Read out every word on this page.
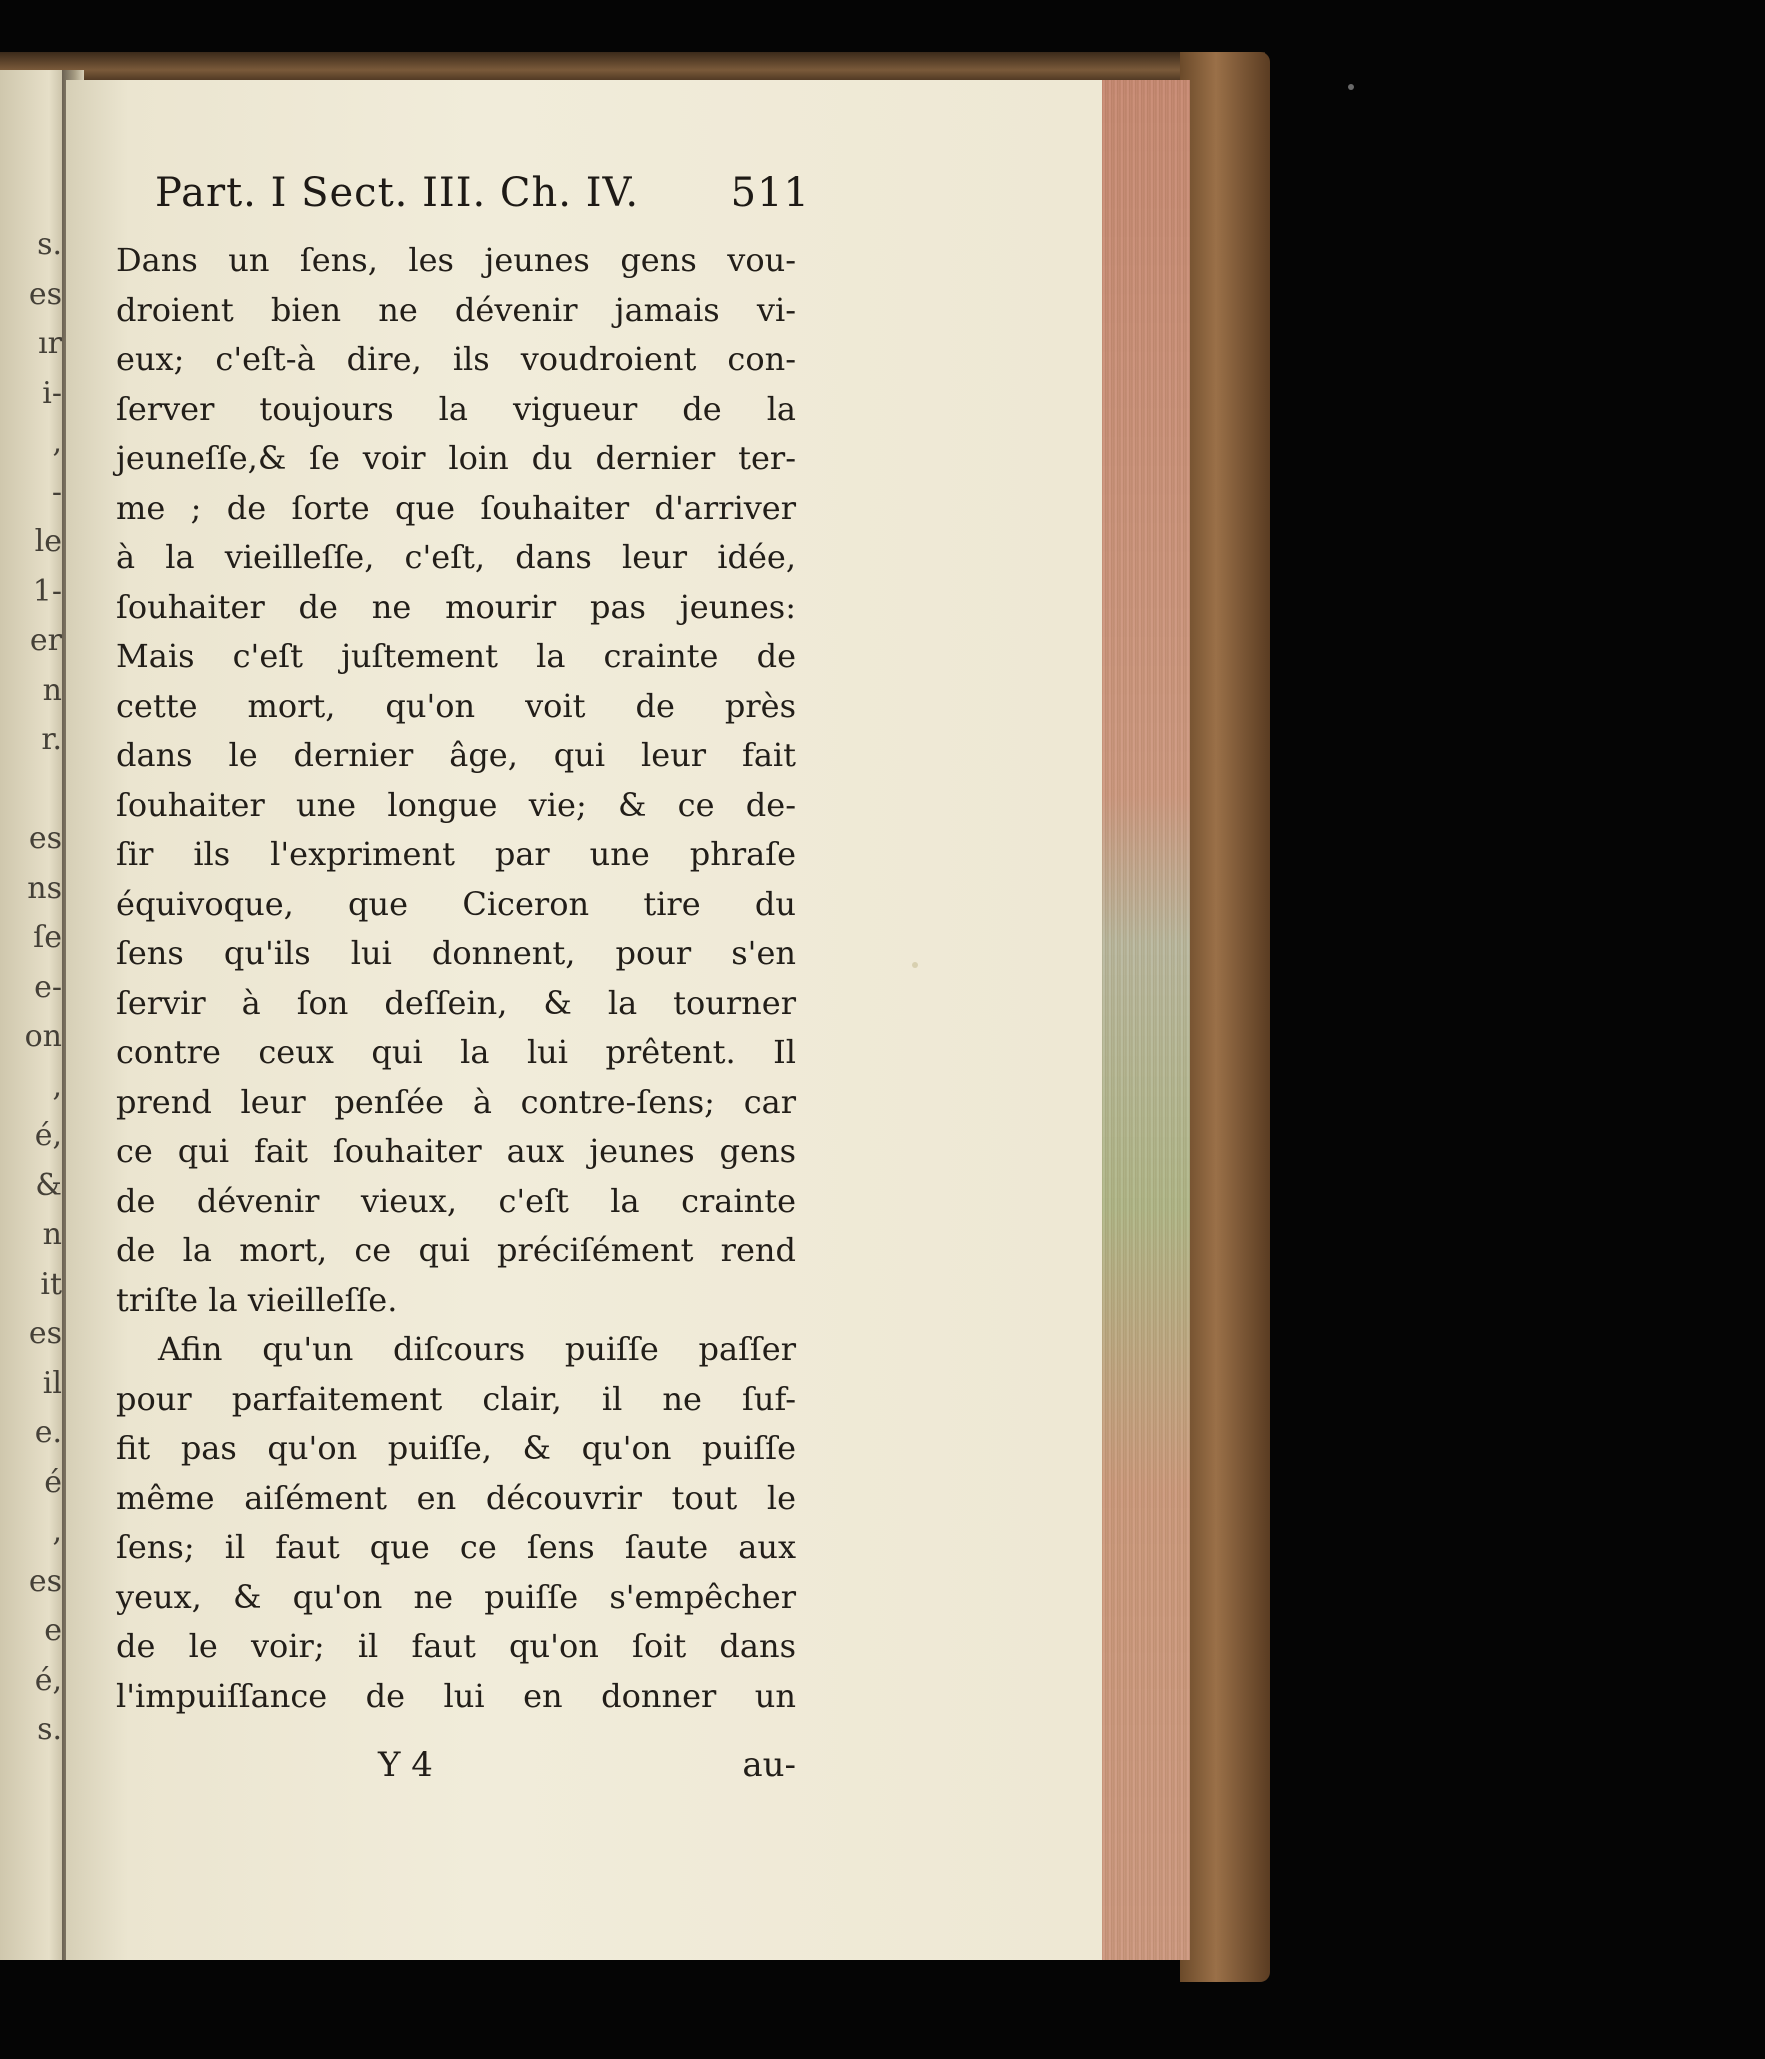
s.
es
ır
i-
,
-
le
1-
er
n
r.
es
ns
ſe
e-
on
,
é,
&
n
it
es
il
e.
é
,
es
e
é,
s.
Part. I Sect. III. Ch. IV. 511
Dans un ſens, les jeunes gens vou-
droient bien ne dévenir jamais vi-
eux; c'eſt-à dire, ils voudroient con-
ſerver toujours la vigueur de la
jeuneſſe,& ſe voir loin du dernier ter-
me ; de ſorte que ſouhaiter d'arriver
à la vieilleſſe, c'eſt, dans leur idée,
ſouhaiter de ne mourir pas jeunes:
Mais c'eſt juſtement la crainte de
cette mort, qu'on voit de près
dans le dernier âge, qui leur fait
ſouhaiter une longue vie; & ce de-
ſir ils l'expriment par une phraſe
équivoque, que Ciceron tire du
ſens qu'ils lui donnent, pour s'en
ſervir à ſon deſſein, & la tourner
contre ceux qui la lui prêtent. Il
prend leur penſée à contre-ſens; car
ce qui fait ſouhaiter aux jeunes gens
de dévenir vieux, c'eſt la crainte
de la mort, ce qui préciſément rend
triſte la vieilleſſe.
Afin qu'un diſcours puiſſe paſſer
pour parfaitement clair, il ne ſuf-
fit pas qu'on puiſſe, & qu'on puiſſe
même aiſément en découvrir tout le
ſens; il faut que ce ſens ſaute aux
yeux, & qu'on ne puiſſe s'empêcher
de le voir; il faut qu'on ſoit dans
l'impuiſſance de lui en donner un
Y 4	au-
